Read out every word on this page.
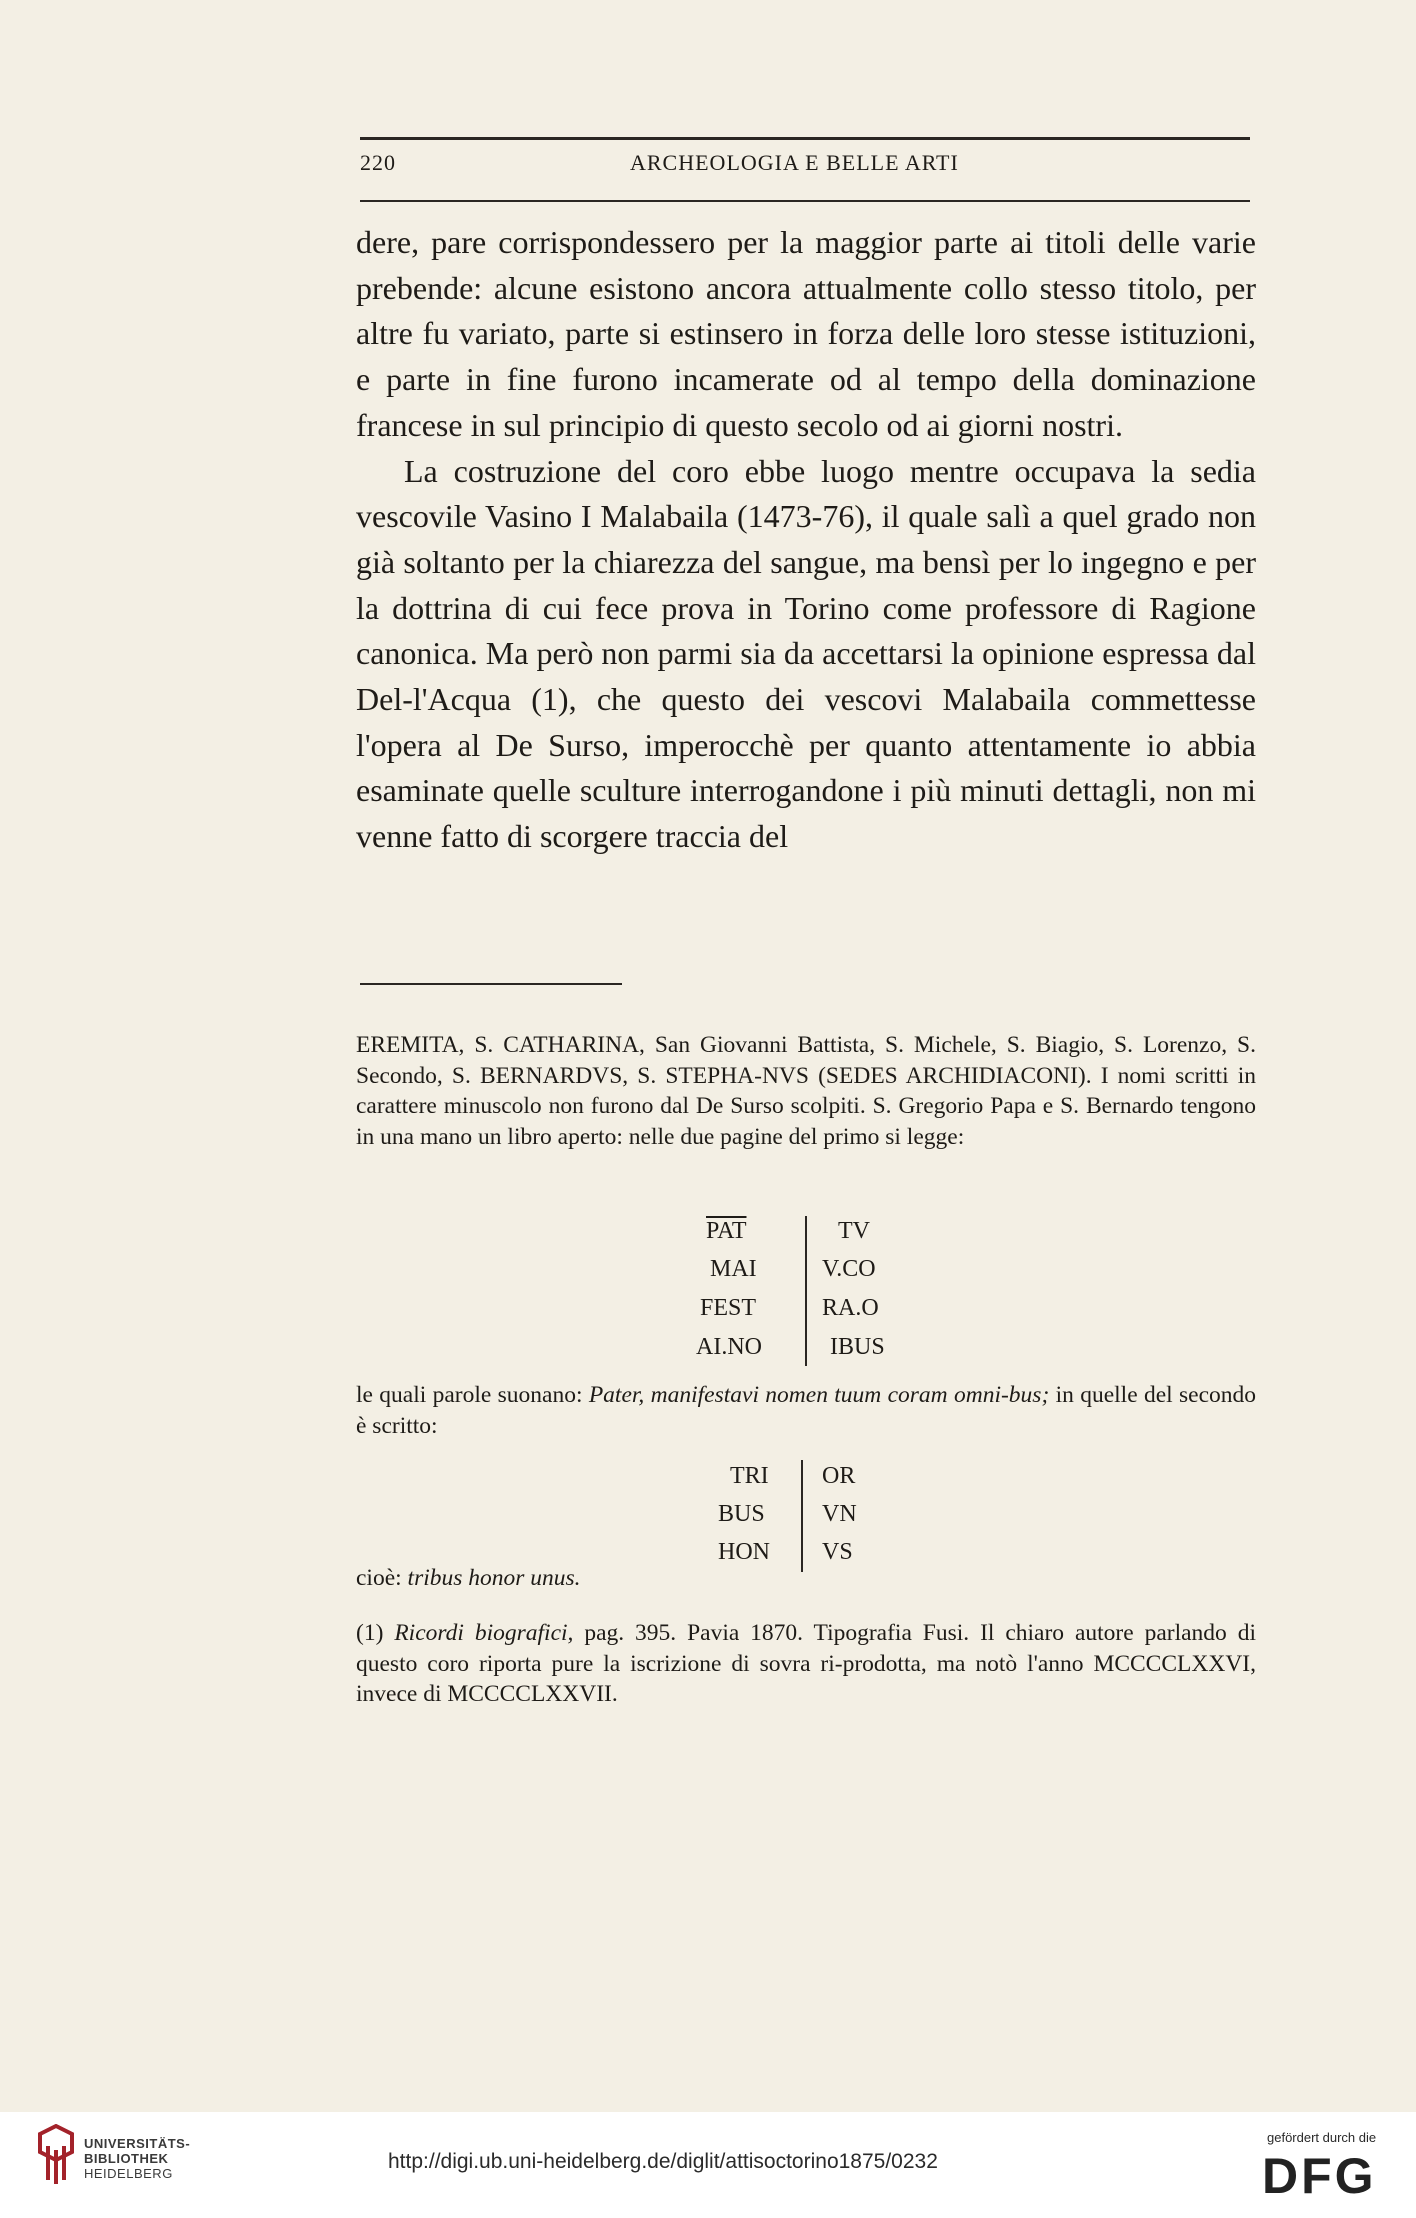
220	ARCHEOLOGIA E BELLE ARTI

dere, pare corrispondessero per la maggior parte ai titoli delle varie prebende: alcune esistono ancora attualmente collo stesso titolo, per altre fu variato, parte si estinsero in forza delle loro stesse istituzioni, e parte in fine furono incamerate od al tempo della dominazione francese in sul principio di questo secolo od ai giorni nostri.

La costruzione del coro ebbe luogo mentre occupava la sedia vescovile Vasino I Malabaila (1473-76), il quale salì a quel grado non già soltanto per la chiarezza del sangue, ma bensì per lo ingegno e per la dottrina di cui fece prova in Torino come professore di Ragione canonica. Ma però non parmi sia da accettarsi la opinione espressa dal Del-l'Acqua (1), che questo dei vescovi Malabaila commettesse l'opera al De Surso, imperocchè per quanto attentamente io abbia esaminate quelle sculture interrogandone i più minuti dettagli, non mi venne fatto di scorgere traccia del

EREMITA, S. CATHARINA, San Giovanni Battista, S. Michele, S. Biagio, S. Lorenzo, S. Secondo, S. BERNARDVS, S. STEPHA-NVS (SEDES ARCHIDIACONI). I nomi scritti in carattere minuscolo non furono dal De Surso scolpiti. S. Gregorio Papa e S. Bernardo tengono in una mano un libro aperto: nelle due pagine del primo si legge:

$\overline{PAT}$
MAI
FEST
AI.NO
TV
V.CO
RA.O
IBUS

le quali parole suonano: Pater, manifestavi nomen tuum coram omni-bus; in quelle del secondo è scritto:

TRI
BUS
HON
OR
VN
VS

cioè: tribus honor unus.

(1) Ricordi biografici, pag. 395. Pavia 1870. Tipografia Fusi. Il chiaro autore parlando di questo coro riporta pure la iscrizione di sovra ri-prodotta, ma notò l'anno MCCCCLXXVI, invece di MCCCCLXXVII.

UNIVERSITÄTS-
BIBLIOTHEK
HEIDELBERG
http://digi.ub.uni-heidelberg.de/diglit/attisoctorino1875/0232
gefördert durch die
DFG
